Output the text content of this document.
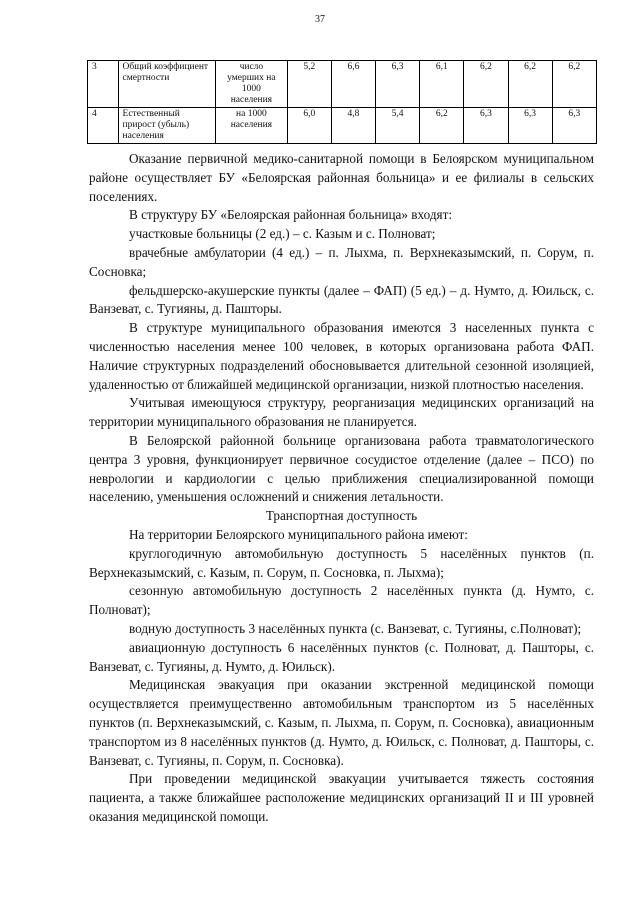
37
3	Общий коэффициент смертности	число умерших на 1000 населения	5,2	6,6	6,3	6,1	6,2	6,2	6,2
4	Естественный прирост (убыль) населения	на 1000 населения	6,0	4,8	5,4	6,2	6,3	6,3	6,3

Оказание первичной медико-санитарной помощи в Белоярском муниципальном районе осуществляет БУ «Белоярская районная больница» и ее филиалы в сельских поселениях.

В структуру БУ «Белоярская районная больница» входят:

участковые больницы (2 ед.) – с. Казым и с. Полноват;

врачебные амбулатории (4 ед.) – п. Лыхма, п. Верхнеказымский, п. Сорум, п. Сосновка;

фельдшерско-акушерские пункты (далее – ФАП) (5 ед.) – д. Нумто, д. Юильск, с. Ванзеват, с. Тугияны, д. Пашторы.

В структуре муниципального образования имеются 3 населенных пункта с численностью населения менее 100 человек, в которых организована работа ФАП. Наличие структурных подразделений обосновывается длительной сезонной изоляцией, удаленностью от ближайшей медицинской организации, низкой плотностью населения.

Учитывая имеющуюся структуру, реорганизация медицинских организаций на территории муниципального образования не планируется.

В Белоярской районной больнице организована работа травматологического центра 3 уровня, функционирует первичное сосудистое отделение (далее – ПСО) по неврологии и кардиологии с целью приближения специализированной помощи населению, уменьшения осложнений и снижения летальности.

Транспортная доступность

На территории Белоярского муниципального района имеют:

круглогодичную автомобильную доступность 5 населённых пунктов (п. Верхнеказымский, с. Казым, п. Сорум, п. Сосновка, п. Лыхма);

сезонную автомобильную доступность 2 населённых пункта (д. Нумто, с. Полноват);

водную доступность 3 населённых пункта (с. Ванзеват, с. Тугияны, с.Полноват);

авиационную доступность 6 населённых пунктов (с. Полноват, д. Пашторы, с. Ванзеват, с. Тугияны, д. Нумто, д. Юильск).

Медицинская эвакуация при оказании экстренной медицинской помощи осуществляется преимущественно автомобильным транспортом из 5 населённых пунктов (п. Верхнеказымский, с. Казым, п. Лыхма, п. Сорум, п. Сосновка), авиационным транспортом из 8 населённых пунктов (д. Нумто, д. Юильск, с. Полноват, д. Пашторы, с. Ванзеват, с. Тугияны, п. Сорум, п. Сосновка).

При проведении медицинской эвакуации учитывается тяжесть состояния пациента, а также ближайшее расположение медицинских организаций II и III уровней оказания медицинской помощи.
